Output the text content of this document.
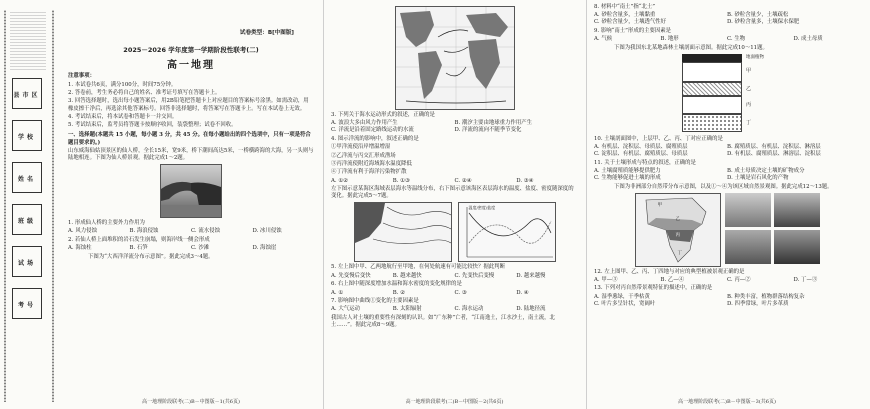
县市区
学校
姓名
班级
试场
考号
试卷类型：B[中图版]
2025－2026 学年度第一学期阶段性联考(二)
高一地理
注意事项：
1. 本试卷共6页，满分100分，时间75分钟。
2. 答卷前，考生务必将自己的姓名、准考证号填写在答题卡上。
3. 回答选择题时，选出每小题答案后，用2B铅笔把答题卡上对应题目的答案标号涂黑。如需改动，用橡皮擦干净后，再选涂其他答案标号。回答非选择题时，将答案写在答题卡上。写在本试卷上无效。
4. 考试结束后，将本试卷和答题卡一并交回。
5. 考试结束后，监考员将答题卡按顺序收回，装袋整理；试卷不回收。
一、选择题(本题共 15 小题，每小题 3 分，共 45 分。在每小题给出的四个选项中，只有一项是符合题目要求的。)
山东威海仙姑顶景区的仙人桥，全长15米，宽9米，桥下潮间高达5米，一桥横跨海的大海，另一头则与陆地相连。下图为仙人桥景观。据此完成1～2题。
1. 形成仙人桥的主要外力作用为
A. 风力侵蚀	B. 海浪侵蚀	C. 流水侵蚀	D. 冰川侵蚀
2. 若仙人桥上面堆积的岩石发生崩塌，则海岸线一侧会形成
A. 海蚀柱	B. 石笋	C. 沙滩	D. 海蚀崖
下图为“大西洋洋流分布示意图”。据此完成3～4题。
高一地理阶段联考(二)B－中图版－1(共6页)
3. 下列关于海水运动形式的叙述，正确的是
A. 波浪大多由风力作用产生	B. 潮汐主要由地球重力作用产生
C. 洋流是沿着固定路线运动的水流	D. 洋流的流向不随季节变化
4. 图示洋流的影响中，叙述正确的是
①甲洋流使沿岸增温增湿
②乙洋流与丙交汇形成渔场
③丙洋流使附近海域海水温度降低
④丁洋流有利于海洋污染物扩散
A. ①②	B. ①③	C. ②④	D. ③④
左下图示意某海区海域表层海水等温线分布，右下图示意该海区表层海水的温度、盐度、密度随深度的变化。据此完成5～7题。
温度/密度/盐度
5. 左上图中甲、乙两地航行至甲地，在何处航速有可能比较快？据此判断
A. 先变慢后变快	B. 越来越快	C. 先变快后变慢	D. 越来越慢
6. 右上图中随深度增加水温和海水密度的变化规律的是
A. ①	B. ②	C. ③	D. ④
7. 影响图中曲线①变化的主要因素是
A. 大气运动	B. 太阳辐射	C. 海水运动	D. 陆地径流
我国古人对土壤的重要性有深刻的认识。如“广东种”亡者，“江南逸土，江水沙土，南土流，北土……”。据此完成8～9题。
高一地理阶段联考(二)B－中图版－2(共6页)
8. 材料中“南土”指“北土”
A. 砂粒含量多，土壤黏重	B. 砂粒含量少，土壤疏松
C. 砂粒含量少，土壤透气性好	D. 砂粒含量多，土壤保水保肥
9. 影响“南土”形成的主要因素是
A. 气候	B. 地形	C. 生物	D. 成土母质
下图为我国东北某地森林土壤剖面示意图。据此完成10～11题。
地面植物
甲
乙
丙
丁
10. 土壤剖面图中，上层甲、乙、丙、丁对应正确的是
A. 有机层、淀积层、母质层、腐殖质层	B. 腐殖质层、有机层、淀积层、淋溶层
C. 淀积层、有机层、腐殖质层、母质层	D. 有机层、腐殖质层、淋溶层、淀积层
11. 关于土壤形成与特点的叙述，正确的是
A. 土壤腐殖质能够提供肥力	B. 成土母质决定土壤的矿物成分
C. 生物能够促进土壤的形成	D. 土壤是岩石风化的产物
下图为非洲部分自然带分布示意图，以及①～④为该区域自然景观图。据此完成12～13题。
甲
乙
丙
丁
12. 左上图甲、乙、丙、丁四地与对应的典型植被景观正确的是
A. 甲—③	B. 乙—④	C. 丙—②	D. 丁—③
13. 下列对丙自然带景观特征的描述中，正确的是
A. 湿季葱绿，干季枯黄	B. 种类丰富，植物群落结构复杂
C. 叶片多呈针状，宽阔叶	D. 四季常绿，叶片多革质
高一地理阶段联考(二)B－中图版－3(共6页)
